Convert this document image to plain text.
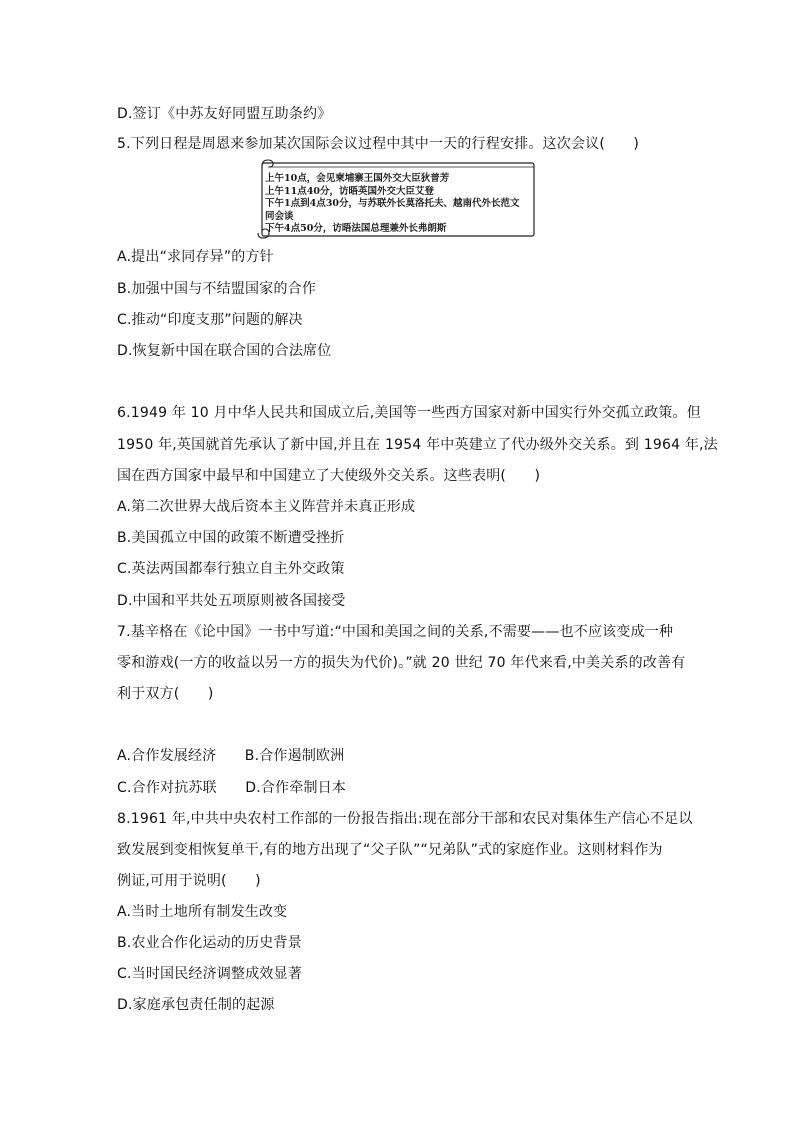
D.签订《中苏友好同盟互助条约》
5.下列日程是周恩来参加某次国际会议过程中其中一天的行程安排。这次会议(　　)
上午10点，会见柬埔寨王国外交大臣狄普芳
上午11点40分，访晤英国外交大臣艾登
下午1点到4点30分，与苏联外长莫洛托夫、越南代外长范文
同会谈
下午4点50分，访晤法国总理兼外长弗朗斯
A.提出“求同存异”的方针
B.加强中国与不结盟国家的合作
C.推动“印度支那”问题的解决
D.恢复新中国在联合国的合法席位
6.1949 年 10 月中华人民共和国成立后,美国等一些西方国家对新中国实行外交孤立政策。但
1950 年,英国就首先承认了新中国,并且在 1954 年中英建立了代办级外交关系。到 1964 年,法
国在西方国家中最早和中国建立了大使级外交关系。这些表明(　　)
A.第二次世界大战后资本主义阵营并未真正形成
B.美国孤立中国的政策不断遭受挫折
C.英法两国都奉行独立自主外交政策
D.中国和平共处五项原则被各国接受
7.基辛格在《论中国》一书中写道:“中国和美国之间的关系,不需要——也不应该变成一种
零和游戏(一方的收益以另一方的损失为代价)。”就 20 世纪 70 年代来看,中美关系的改善有
利于双方(　　)
A.合作发展经济　　B.合作遏制欧洲
C.合作对抗苏联　　D.合作牵制日本
8.1961 年,中共中央农村工作部的一份报告指出:现在部分干部和农民对集体生产信心不足以
致发展到变相恢复单干,有的地方出现了“父子队”“兄弟队”式的家庭作业。这则材料作为
例证,可用于说明(　　)
A.当时土地所有制发生改变
B.农业合作化运动的历史背景
C.当时国民经济调整成效显著
D.家庭承包责任制的起源
